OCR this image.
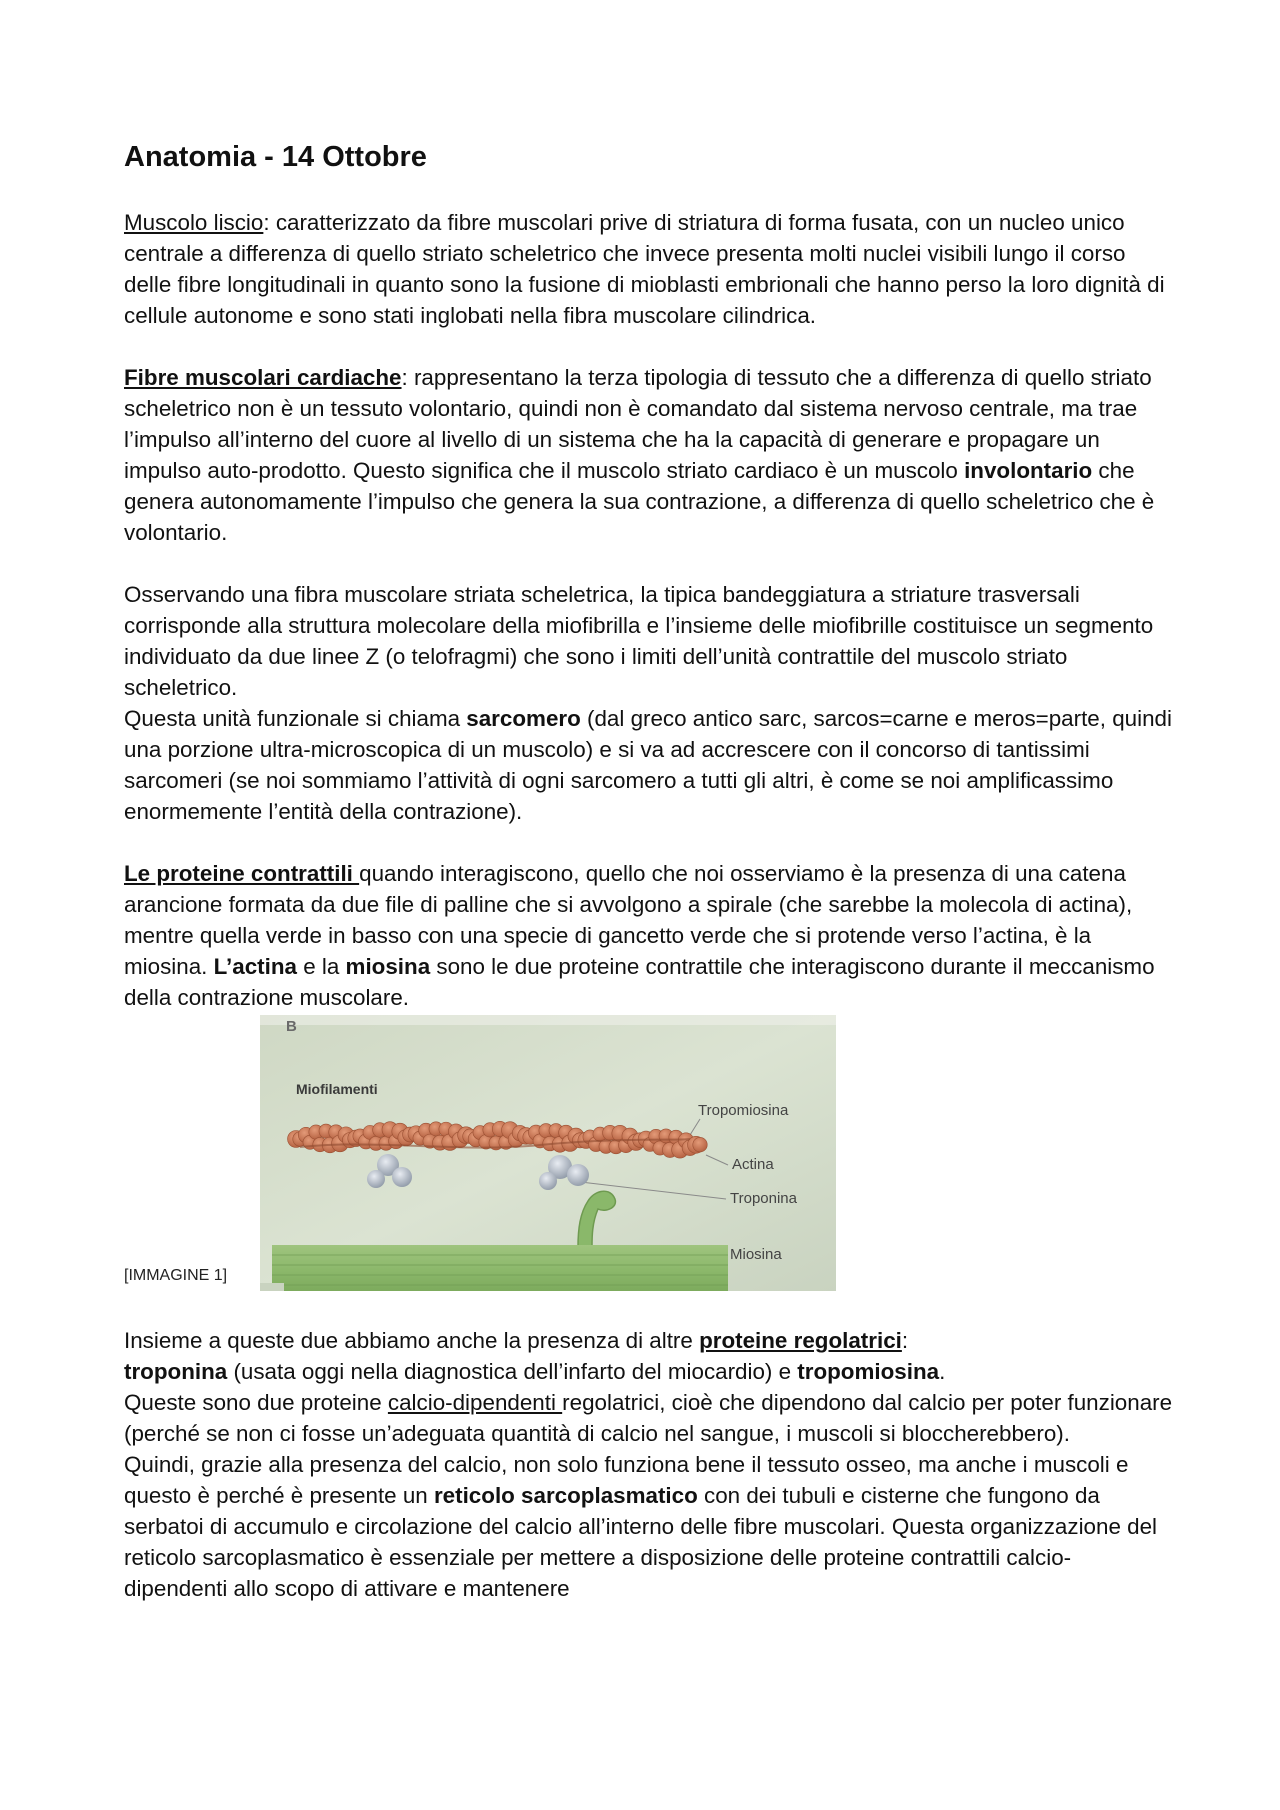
Anatomia - 14 Ottobre

Muscolo liscio: caratterizzato da fibre muscolari prive di striatura di forma fusata, con un nucleo unico centrale a differenza di quello striato scheletrico che invece presenta molti nuclei visibili lungo il corso delle fibre longitudinali in quanto sono la fusione di mioblasti embrionali che hanno perso la loro dignità di cellule autonome e sono stati inglobati nella fibra muscolare cilindrica.

Fibre muscolari cardiache: rappresentano la terza tipologia di tessuto che a differenza di quello striato scheletrico non è un tessuto volontario, quindi non è comandato dal sistema nervoso centrale, ma trae l’impulso all’interno del cuore al livello di un sistema che ha la capacità di generare e propagare un impulso auto-prodotto. Questo significa che il muscolo striato cardiaco è un muscolo involontario che genera autonomamente l’impulso che genera la sua contrazione, a differenza di quello scheletrico che è volontario.

Osservando una fibra muscolare striata scheletrica, la tipica bandeggiatura a striature trasversali corrisponde alla struttura molecolare della miofibrilla e l’insieme delle miofibrille costituisce un segmento individuato da due linee Z (o telofragmi) che sono i limiti dell’unità contrattile del muscolo striato scheletrico.

Questa unità funzionale si chiama sarcomero (dal greco antico sarc, sarcos=carne e meros=parte, quindi una porzione ultra-microscopica di un muscolo) e si va ad accrescere con il concorso di tantissimi sarcomeri (se noi sommiamo l’attività di ogni sarcomero a tutti gli altri, è come se noi amplificassimo enormemente l’entità della contrazione).

Le proteine contrattili quando interagiscono, quello che noi osserviamo è la presenza di una catena arancione formata da due file di palline che si avvolgono a spirale (che sarebbe la molecola di actina), mentre quella verde in basso con una specie di gancetto verde che si protende verso l’actina, è la miosina. L’actina e la miosina sono le due proteine contrattile che interagiscono durante il meccanismo della contrazione muscolare.

[IMMAGINE 1]
B
Miofilamenti
Tropomiosina
Actina
Troponina
Miosina

Insieme a queste due abbiamo anche la presenza di altre proteine regolatrici:

troponina (usata oggi nella diagnostica dell’infarto del miocardio) e tropomiosina.

Queste sono due proteine calcio-dipendenti regolatrici, cioè che dipendono dal calcio per poter funzionare (perché se non ci fosse un’adeguata quantità di calcio nel sangue, i muscoli si bloccherebbero).

Quindi, grazie alla presenza del calcio, non solo funziona bene il tessuto osseo, ma anche i muscoli e questo è perché è presente un reticolo sarcoplasmatico con dei tubuli e cisterne che fungono da serbatoi di accumulo e circolazione del calcio all’interno delle fibre muscolari. Questa organizzazione del reticolo sarcoplasmatico è essenziale per mettere a disposizione delle proteine contrattili calcio-dipendenti allo scopo di attivare e mantenere
